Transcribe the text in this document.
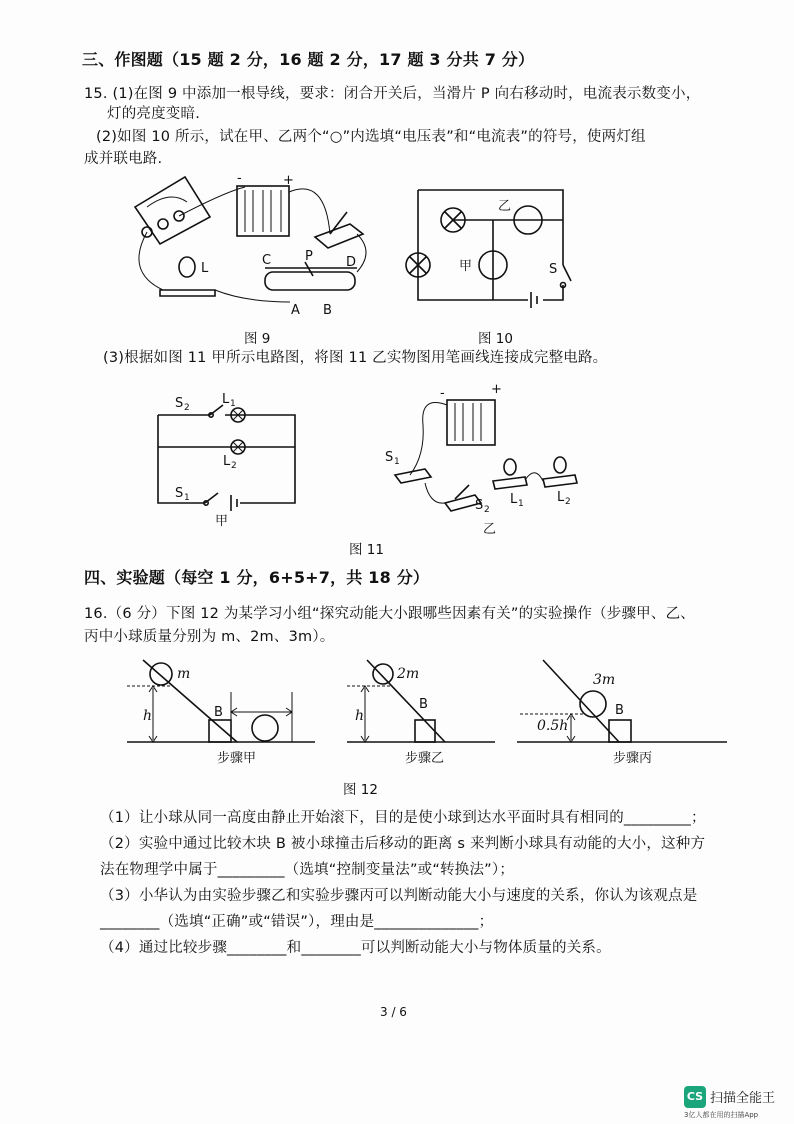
三、作图题（15 题 2 分，16 题 2 分，17 题 3 分共 7 分）
15. (1)在图 9 中添加一根导线，要求：闭合开关后，当滑片 P 向右移动时，电流表示数变小，
灯的亮度变暗.
(2)如图 10 所示，试在甲、乙两个“○”内选填“电压表”和“电流表”的符号，使两灯组
成并联电路.
-	+
L
C	P	D
A B
图 9
乙
甲	S
图 10
(3)根据如图 11 甲所示电路图，将图 11 乙实物图用笔画线连接成完整电路。
S 2
L 1
L 2
S 1
甲
-	+
S 1
S 2
L 1	L 2
乙
图 11
四、实验题（每空 1 分，6+5+7，共 18 分）
16.（6 分）下图 12 为某学习小组“探究动能大小跟哪些因素有关”的实验操作（步骤甲、乙、
丙中小球质量分别为 m、2m、3m）。
m
h	B
步骤甲
2m
h
B
步骤乙
3m
0.5h
B
步骤丙
图 12
（1）让小球从同一高度由静止开始滚下，目的是使小球到达水平面时具有相同的_________；
（2）实验中通过比较木块 B 被小球撞击后移动的距离 s 来判断小球具有动能的大小，这种方
法在物理学中属于_________（选填“控制变量法”或“转换法”）；
（3）小华认为由实验步骤乙和实验步骤丙可以判断动能大小与速度的关系，你认为该观点是
________（选填“正确”或“错误”），理由是______________；
（4）通过比较步骤________和________可以判断动能大小与物体质量的关系。
3 / 6
CS 扫描全能王
3亿人都在用的扫描App
